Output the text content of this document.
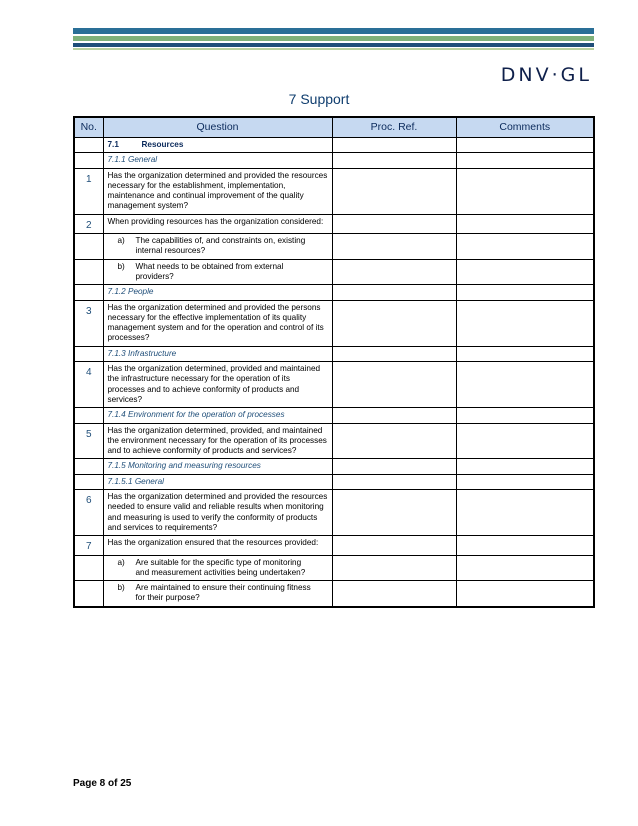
DNV·GL
7 Support
No.	Question	Proc. Ref.	Comments
	7.1 Resources		
	7.1.1 General		
1	Has the organization determined and provided the resources necessary for the establishment, implementation, maintenance and continual improvement of the quality management system?		
2	When providing resources has the organization considered:		
	a) The capabilities of, and constraints on, existing internal resources?		
	b) What needs to be obtained from external providers?		
	7.1.2 People		
3	Has the organization determined and provided the persons necessary for the effective implementation of its quality management system and for the operation and control of its processes?		
	7.1.3 Infrastructure		
4	Has the organization determined, provided and maintained the infrastructure necessary for the operation of its processes and to achieve conformity of products and services?		
	7.1.4 Environment for the operation of processes		
5	Has the organization determined, provided, and maintained the environment necessary for the operation of its processes and to achieve conformity of products and services?		
	7.1.5 Monitoring and measuring resources		
	7.1.5.1 General		
6	Has the organization determined and provided the resources needed to ensure valid and reliable results when monitoring and measuring is used to verify the conformity of products and services to requirements?		
7	Has the organization ensured that the resources provided:		
	a) Are suitable for the specific type of monitoring and measurement activities being undertaken?		
	b) Are maintained to ensure their continuing fitness for their purpose?		
Page 8 of 25
